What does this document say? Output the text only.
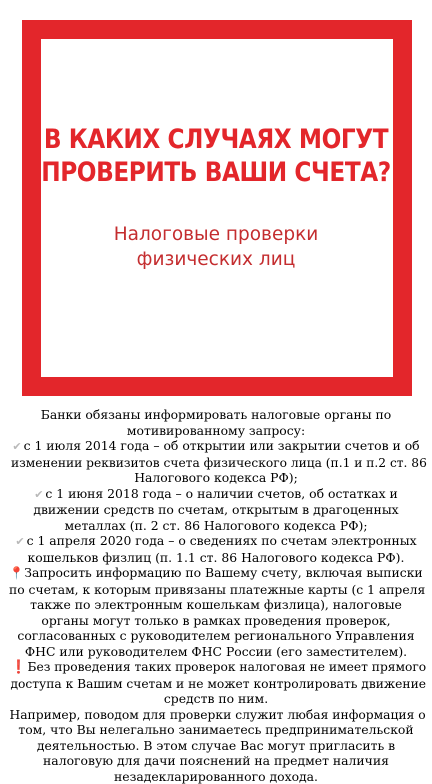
В КАКИХ СЛУЧАЯХ МОГУТ
ПРОВЕРИТЬ ВАШИ СЧЕТА?
Налоговые проверки
физических лиц
Банки обязаны информировать налоговые органы по
мотивированному запросу:
✔ с 1 июля 2014 года – об открытии или закрытии счетов и об
изменении реквизитов счета физического лица (п.1 и п.2 ст. 86
Налогового кодекса РФ);
✔ с 1 июня 2018 года – о наличии счетов, об остатках и
движении средств по счетам, открытым в драгоценных
металлах (п. 2 ст. 86 Налогового кодекса РФ);
✔ с 1 апреля 2020 года – о сведениях по счетам электронных
кошельков физлиц (п. 1.1 ст. 86 Налогового кодекса РФ).
📍Запросить информацию по Вашему счету, включая выписки
по счетам, к которым привязаны платежные карты (с 1 апреля
также по электронным кошелькам физлица), налоговые
органы могут только в рамках проведения проверок,
согласованных с руководителем регионального Управления
ФНС или руководителем ФНС России (его заместителем).
❗Без проведения таких проверок налоговая не имеет прямого
доступа к Вашим счетам и не может контролировать движение
средств по ним.
Например, поводом для проверки служит любая информация о
том, что Вы нелегально занимаетесь предпринимательской
деятельностью. В этом случае Вас могут пригласить в
налоговую для дачи пояснений на предмет наличия
незадекларированного дохода.
